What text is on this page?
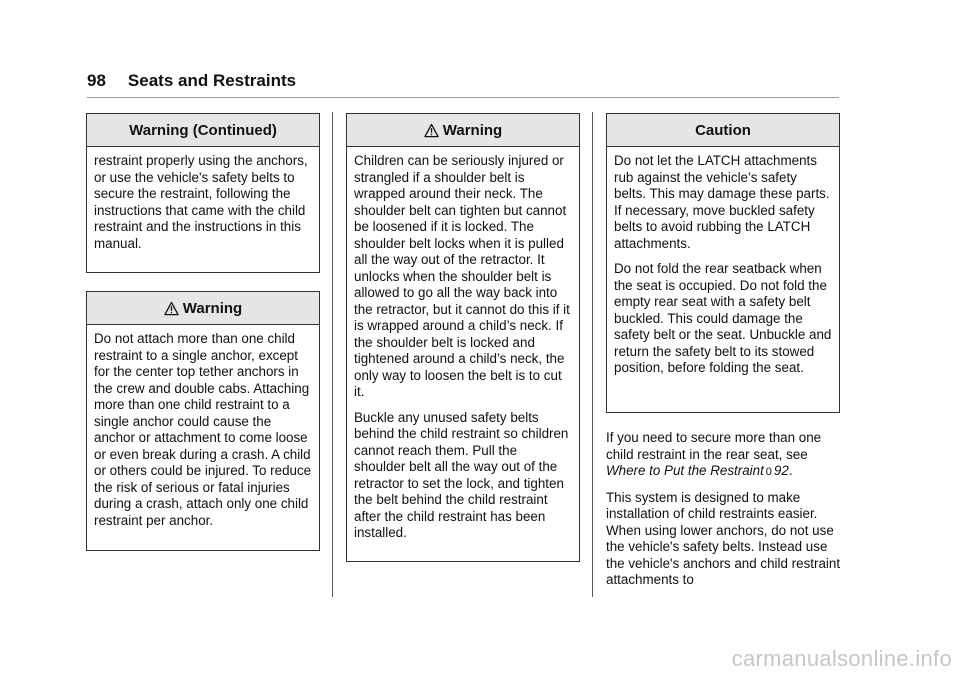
98 Seats and Restraints
Warning (Continued)

restraint properly using the anchors, or use the vehicle's safety belts to secure the restraint, following the instructions that came with the child restraint and the instructions in this manual.

Warning

Do not attach more than one child restraint to a single anchor, except for the center top tether anchors in the crew and double cabs. Attaching more than one child restraint to a single anchor could cause the anchor or attachment to come loose or even break during a crash. A child or others could be injured. To reduce the risk of serious or fatal injuries during a crash, attach only one child restraint per anchor.

Warning

Children can be seriously injured or strangled if a shoulder belt is wrapped around their neck. The shoulder belt can tighten but cannot be loosened if it is locked. The shoulder belt locks when it is pulled all the way out of the retractor. It unlocks when the shoulder belt is allowed to go all the way back into the retractor, but it cannot do this if it is wrapped around a child’s neck. If the shoulder belt is locked and tightened around a child’s neck, the only way to loosen the belt is to cut it.

Buckle any unused safety belts behind the child restraint so children cannot reach them. Pull the shoulder belt all the way out of the retractor to set the lock, and tighten the belt behind the child restraint after the child restraint has been installed.

Caution

Do not let the LATCH attachments rub against the vehicle’s safety belts. This may damage these parts. If necessary, move buckled safety belts to avoid rubbing the LATCH attachments.

Do not fold the rear seatback when the seat is occupied. Do not fold the empty rear seat with a safety belt buckled. This could damage the safety belt or the seat. Unbuckle and return the safety belt to its stowed position, before folding the seat.

If you need to secure more than one child restraint in the rear seat, see Where to Put the Restraint 0 92.

This system is designed to make installation of child restraints easier. When using lower anchors, do not use the vehicle's safety belts. Instead use the vehicle's anchors and child restraint attachments to

carmanualsonline.info
